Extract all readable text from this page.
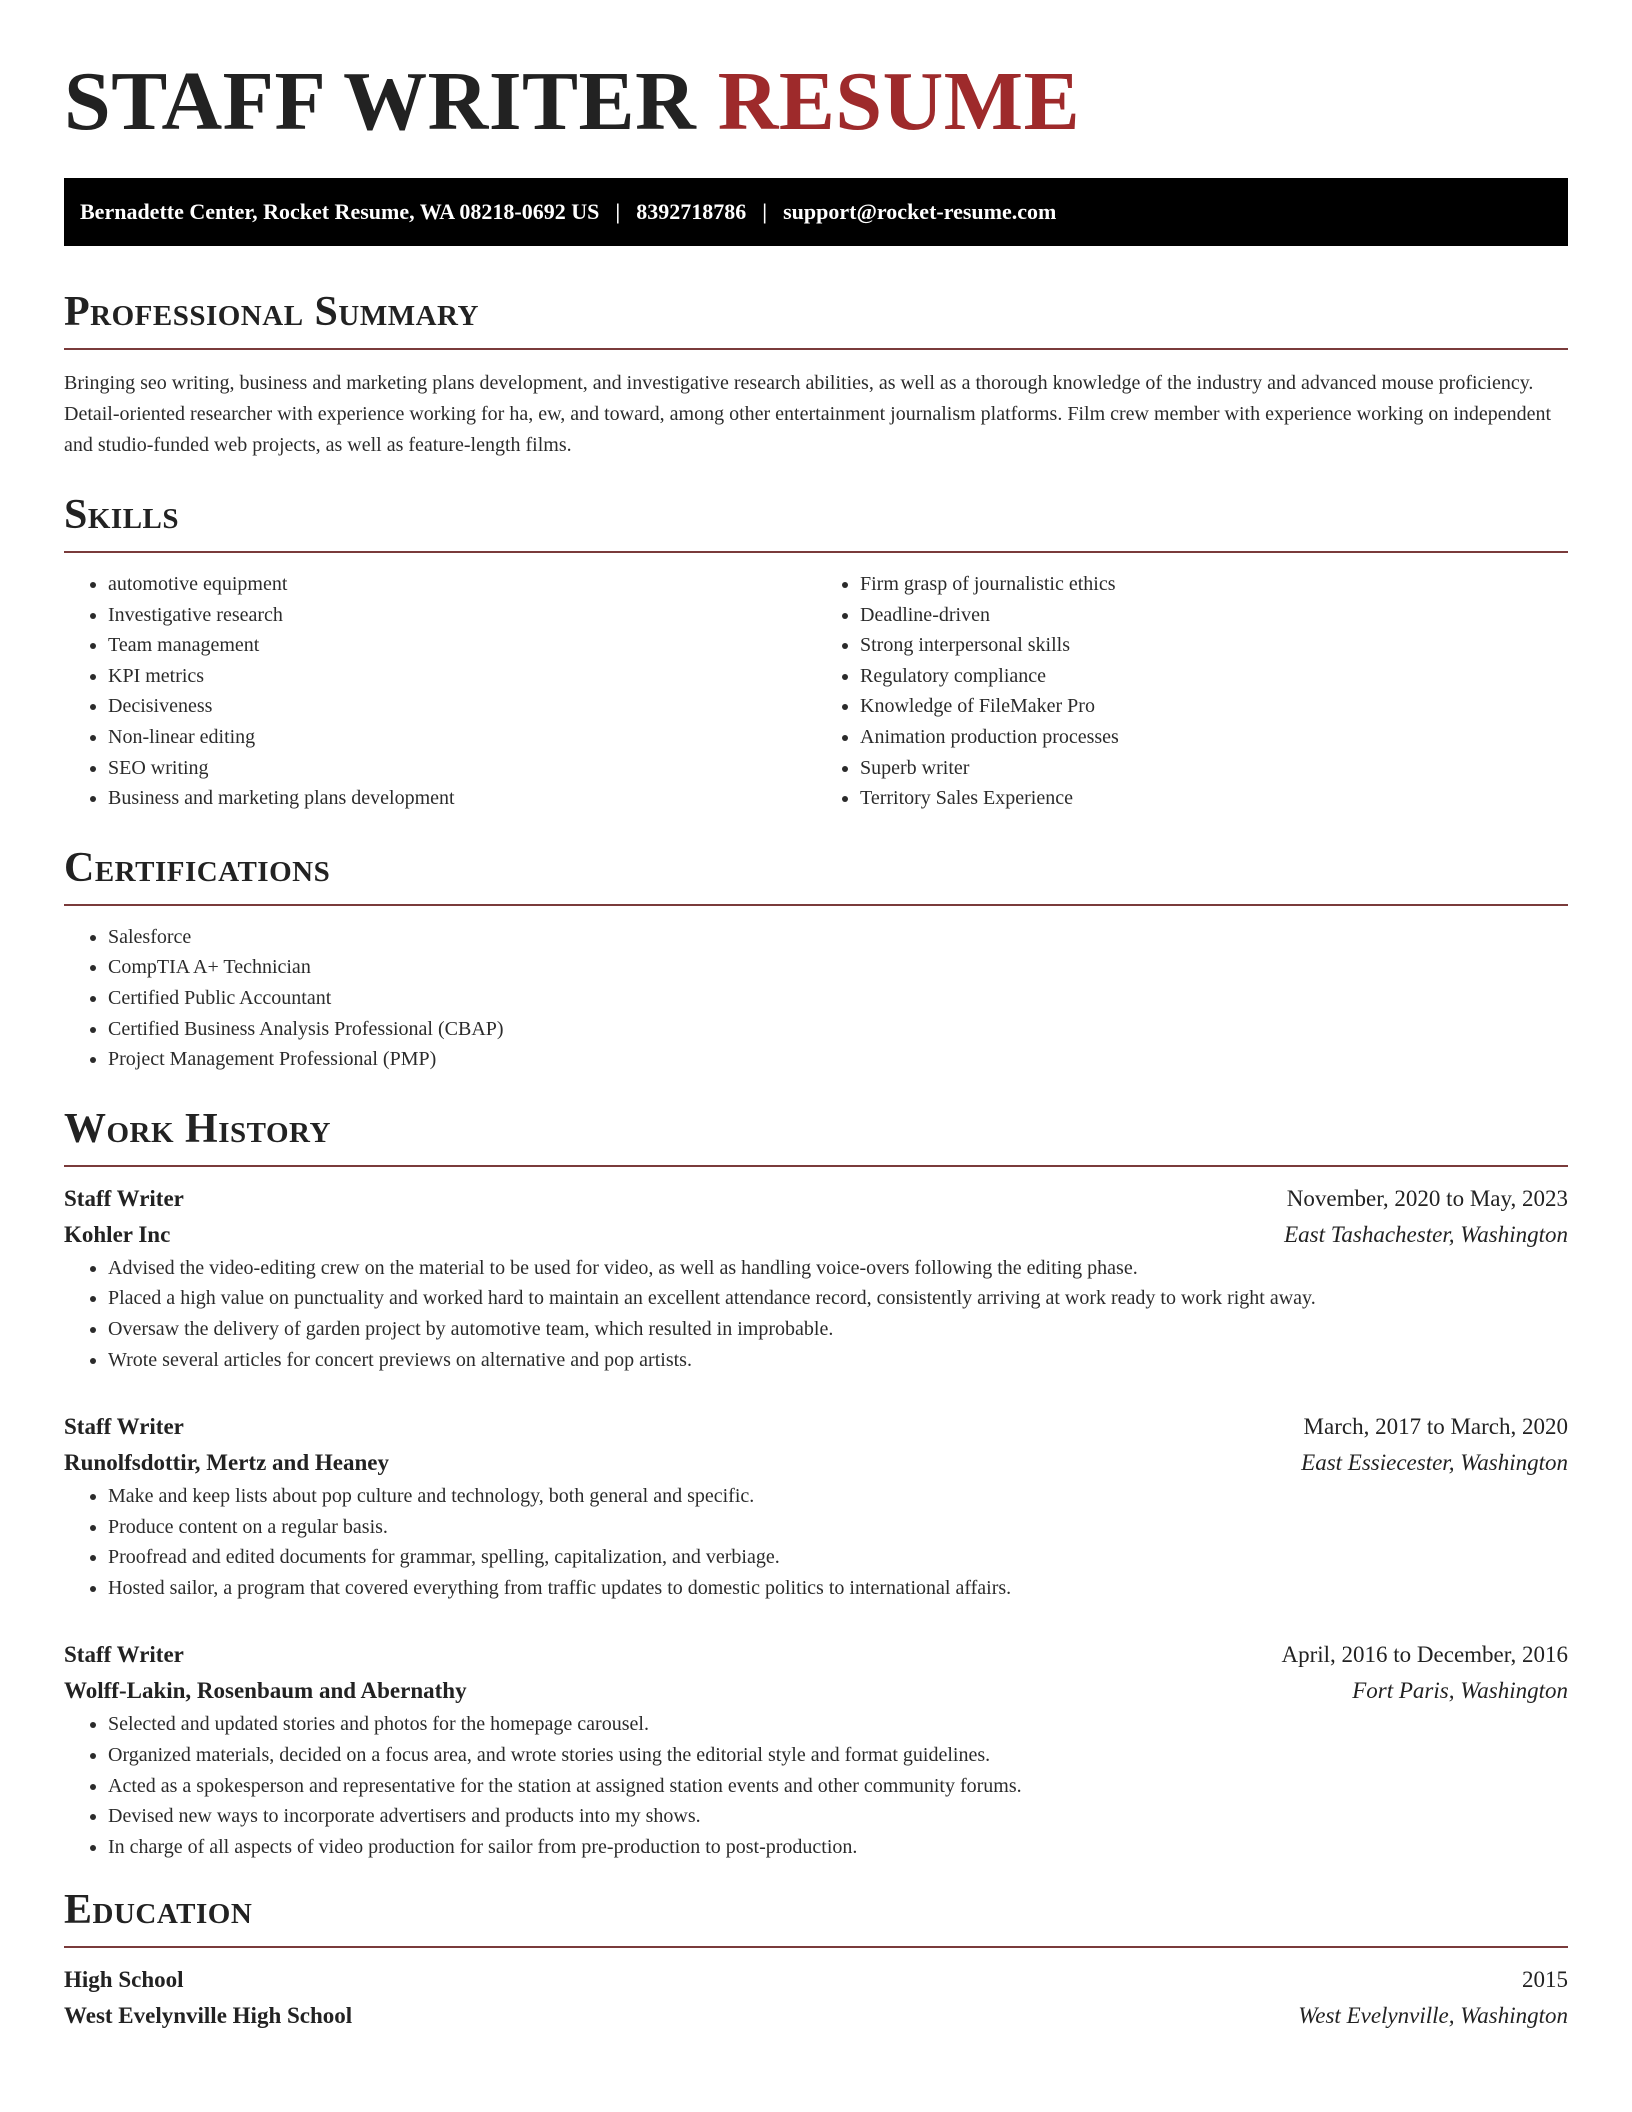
STAFF WRITER RESUME
Bernadette Center, Rocket Resume, WA 08218-0692 US | 8392718786 | support@rocket-resume.com
Professional Summary

Bringing seo writing, business and marketing plans development, and investigative research abilities, as well as a thorough knowledge of the industry and advanced mouse proficiency. Detail-oriented researcher with experience working for ha, ew, and toward, among other entertainment journalism platforms. Film crew member with experience working on independent and studio-funded web projects, as well as feature-length films.

Skills
• automotive equipment
• Investigative research
• Team management
• KPI metrics
• Decisiveness
• Non-linear editing
• SEO writing
• Business and marketing plans development
• Firm grasp of journalistic ethics
• Deadline-driven
• Strong interpersonal skills
• Regulatory compliance
• Knowledge of FileMaker Pro
• Animation production processes
• Superb writer
• Territory Sales Experience
Certifications
• Salesforce
• CompTIA A+ Technician
• Certified Public Accountant
• Certified Business Analysis Professional (CBAP)
• Project Management Professional (PMP)
Work History
Staff Writer	November, 2020 to May, 2023
Kohler Inc	East Tashachester, Washington
• Advised the video-editing crew on the material to be used for video, as well as handling voice-overs following the editing phase.
• Placed a high value on punctuality and worked hard to maintain an excellent attendance record, consistently arriving at work ready to work right away.
• Oversaw the delivery of garden project by automotive team, which resulted in improbable.
• Wrote several articles for concert previews on alternative and pop artists.
Staff Writer	March, 2017 to March, 2020
Runolfsdottir, Mertz and Heaney	East Essiecester, Washington
• Make and keep lists about pop culture and technology, both general and specific.
• Produce content on a regular basis.
• Proofread and edited documents for grammar, spelling, capitalization, and verbiage.
• Hosted sailor, a program that covered everything from traffic updates to domestic politics to international affairs.
Staff Writer	April, 2016 to December, 2016
Wolff-Lakin, Rosenbaum and Abernathy	Fort Paris, Washington
• Selected and updated stories and photos for the homepage carousel.
• Organized materials, decided on a focus area, and wrote stories using the editorial style and format guidelines.
• Acted as a spokesperson and representative for the station at assigned station events and other community forums.
• Devised new ways to incorporate advertisers and products into my shows.
• In charge of all aspects of video production for sailor from pre-production to post-production.
Education
High School	2015
West Evelynville High School	West Evelynville, Washington
